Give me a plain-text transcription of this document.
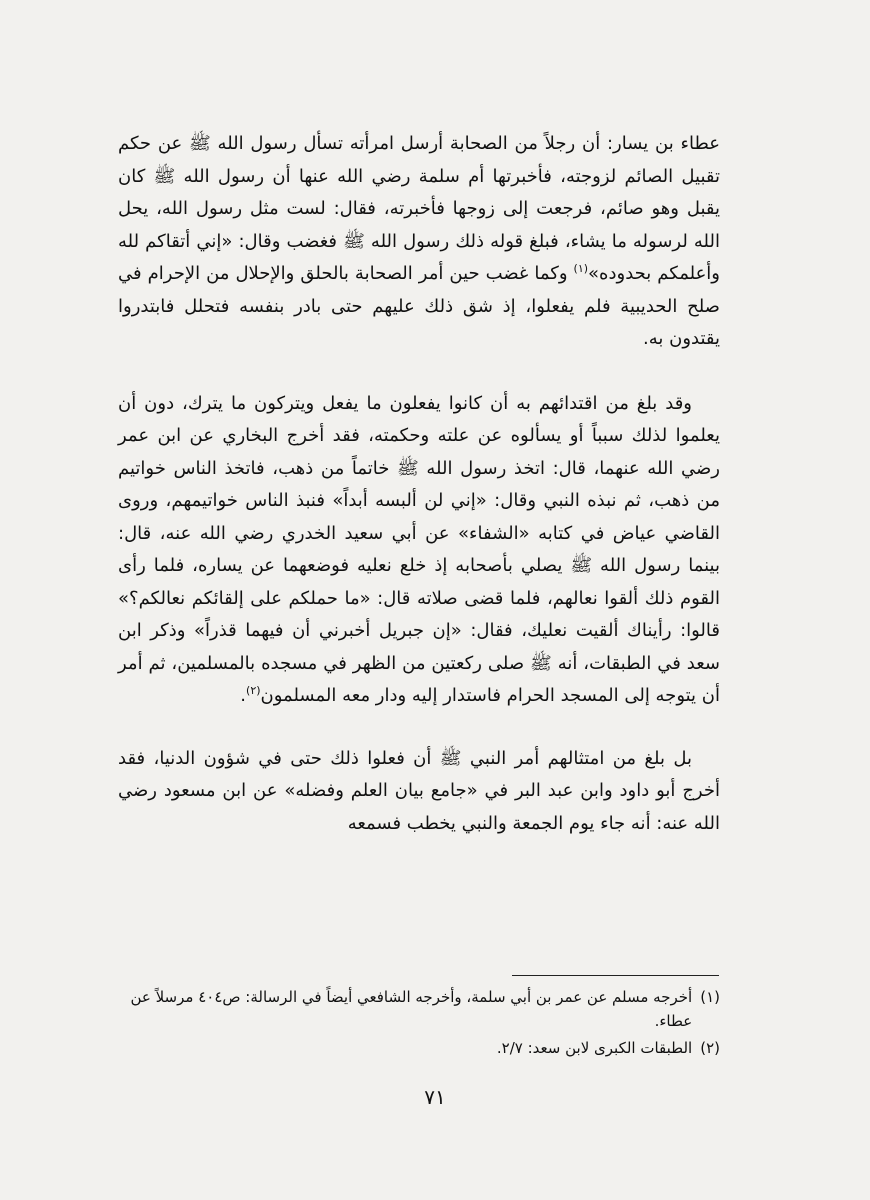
عطاء بن يسار: أن رجلاً من الصحابة أرسل امرأته تسأل رسول الله ﷺ عن حكم تقبيل الصائم لزوجته، فأخبرتها أم سلمة رضي الله عنها أن رسول الله ﷺ كان يقبل وهو صائم، فرجعت إلى زوجها فأخبرته، فقال: لست مثل رسول الله، يحل الله لرسوله ما يشاء، فبلغ قوله ذلك رسول الله ﷺ فغضب وقال: «إني أتقاكم لله وأعلمكم بحدوده»$^{(١)}$ وكما غضب حين أمر الصحابة بالحلق والإحلال من الإحرام في صلح الحديبية فلم يفعلوا، إذ شق ذلك عليهم حتى بادر بنفسه فتحلل فابتدروا يقتدون به.

وقد بلغ من اقتدائهم به أن كانوا يفعلون ما يفعل ويتركون ما يترك، دون أن يعلموا لذلك سبباً أو يسألوه عن علته وحكمته، فقد أخرج البخاري عن ابن عمر رضي الله عنهما، قال: اتخذ رسول الله ﷺ خاتماً من ذهب، فاتخذ الناس خواتيم من ذهب، ثم نبذه النبي وقال: «إني لن ألبسه أبداً» فنبذ الناس خواتيمهم، وروى القاضي عياض في كتابه «الشفاء» عن أبي سعيد الخدري رضي الله عنه، قال: بينما رسول الله ﷺ يصلي بأصحابه إذ خلع نعليه فوضعهما عن يساره، فلما رأى القوم ذلك ألقوا نعالهم، فلما قضى صلاته قال: «ما حملكم على إلقائكم نعالكم؟» قالوا: رأيناك ألقيت نعليك، فقال: «إن جبريل أخبرني أن فيهما قذراً» وذكر ابن سعد في الطبقات، أنه ﷺ صلى ركعتين من الظهر في مسجده بالمسلمين، ثم أمر أن يتوجه إلى المسجد الحرام فاستدار إليه ودار معه المسلمون$^{(٢)}$.

بل بلغ من امتثالهم أمر النبي ﷺ أن فعلوا ذلك حتى في شؤون الدنيا، فقد أخرج أبو داود وابن عبد البر في «جامع بيان العلم وفضله» عن ابن مسعود رضي الله عنه: أنه جاء يوم الجمعة والنبي يخطب فسمعه

(١)
أخرجه مسلم عن عمر بن أبي سلمة، وأخرجه الشافعي أيضاً في الرسالة: ص٤٠٤ مرسلاً عن عطاء.
(٢)
الطبقات الكبرى لابن سعد: ٢/٧.
٧١
